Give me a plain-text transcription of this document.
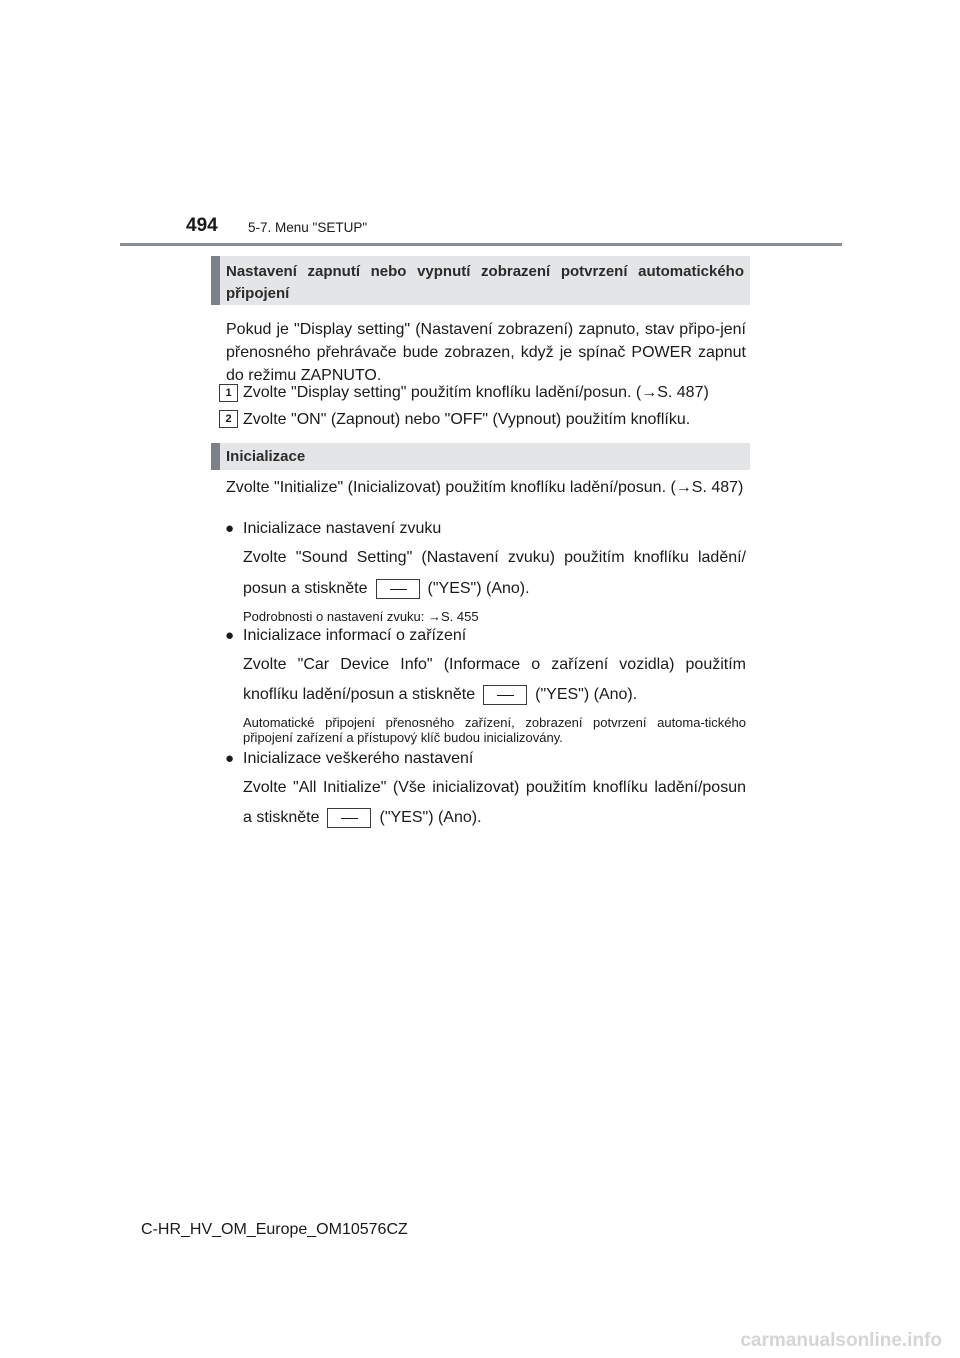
494 5-7. Menu "SETUP"
Nastavení zapnutí nebo vypnutí zobrazení potvrzení automatického připojení
Pokud je "Display setting" (Nastavení zobrazení) zapnuto, stav připo-jení přenosného přehrávače bude zobrazen, když je spínač POWER zapnut do režimu ZAPNUTO.
1 Zvolte "Display setting" použitím knoflíku ladění/posun. (→S. 487)
2 Zvolte "ON" (Zapnout) nebo "OFF" (Vypnout) použitím knoflíku.
Inicializace
Zvolte "Initialize" (Inicializovat) použitím knoflíku ladění/posun. (→S. 487)
● Inicializace nastavení zvuku
Zvolte "Sound Setting" (Nastavení zvuku) použitím knoflíku ladění/
posun a stiskněte	("YES") (Ano).
Podrobnosti o nastavení zvuku: →S. 455
● Inicializace informací o zařízení
Zvolte "Car Device Info" (Informace o zařízení vozidla) použitím
knoflíku ladění/posun a stiskněte	("YES") (Ano).
Automatické připojení přenosného zařízení, zobrazení potvrzení automa-tického připojení zařízení a přístupový klíč budou inicializovány.
● Inicializace veškerého nastavení
Zvolte "All Initialize" (Vše inicializovat) použitím knoflíku ladění/posun
a stiskněte	("YES") (Ano).
C-HR_HV_OM_Europe_OM10576CZ
carmanualsonline.info
